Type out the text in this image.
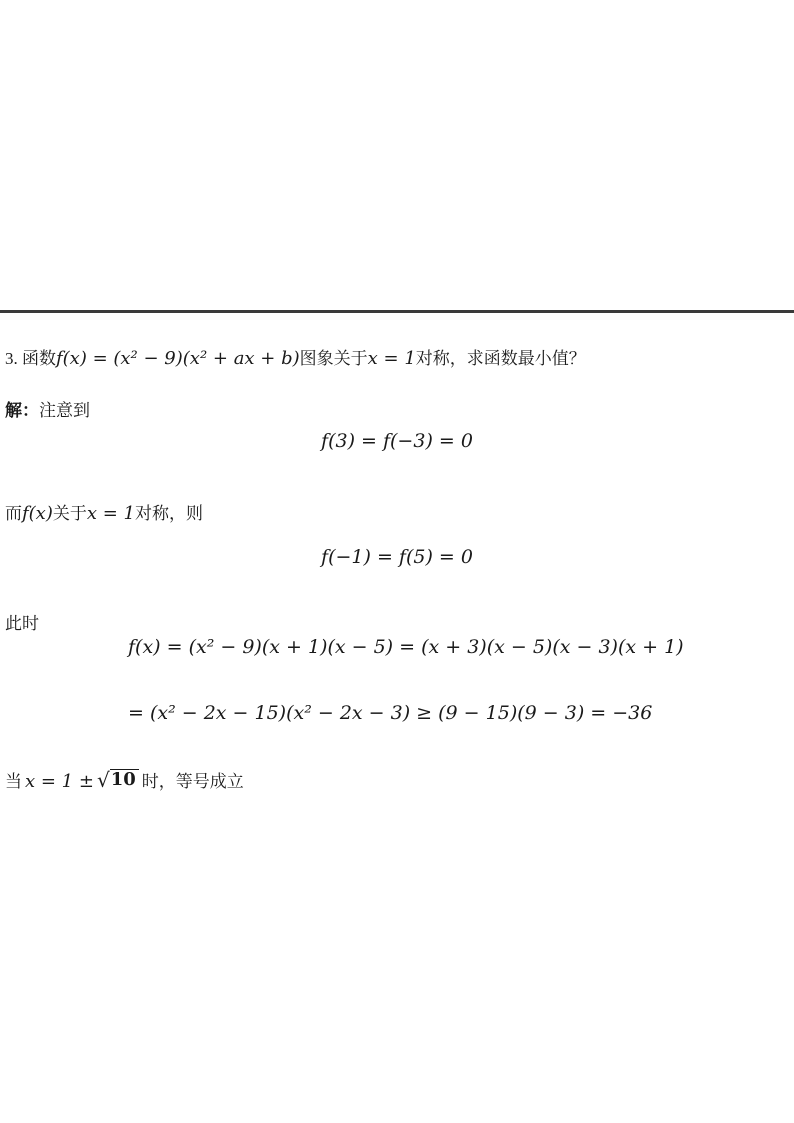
3. 函数f(x) = (x² − 9)(x² + ax + b)图象关于x = 1对称，求函数最小值？

解：注意到

f(3) = f(−3) = 0

而f(x)关于x = 1对称，则

f(−1) = f(5) = 0

此时

f(x) = (x² − 9)(x + 1)(x − 5) = (x + 3)(x − 5)(x − 3)(x + 1)
= (x² − 2x − 15)(x² − 2x − 3) ≥ (9 − 15)(9 − 3) = −36

当 x = 1 ± √ 10 时，等号成立
